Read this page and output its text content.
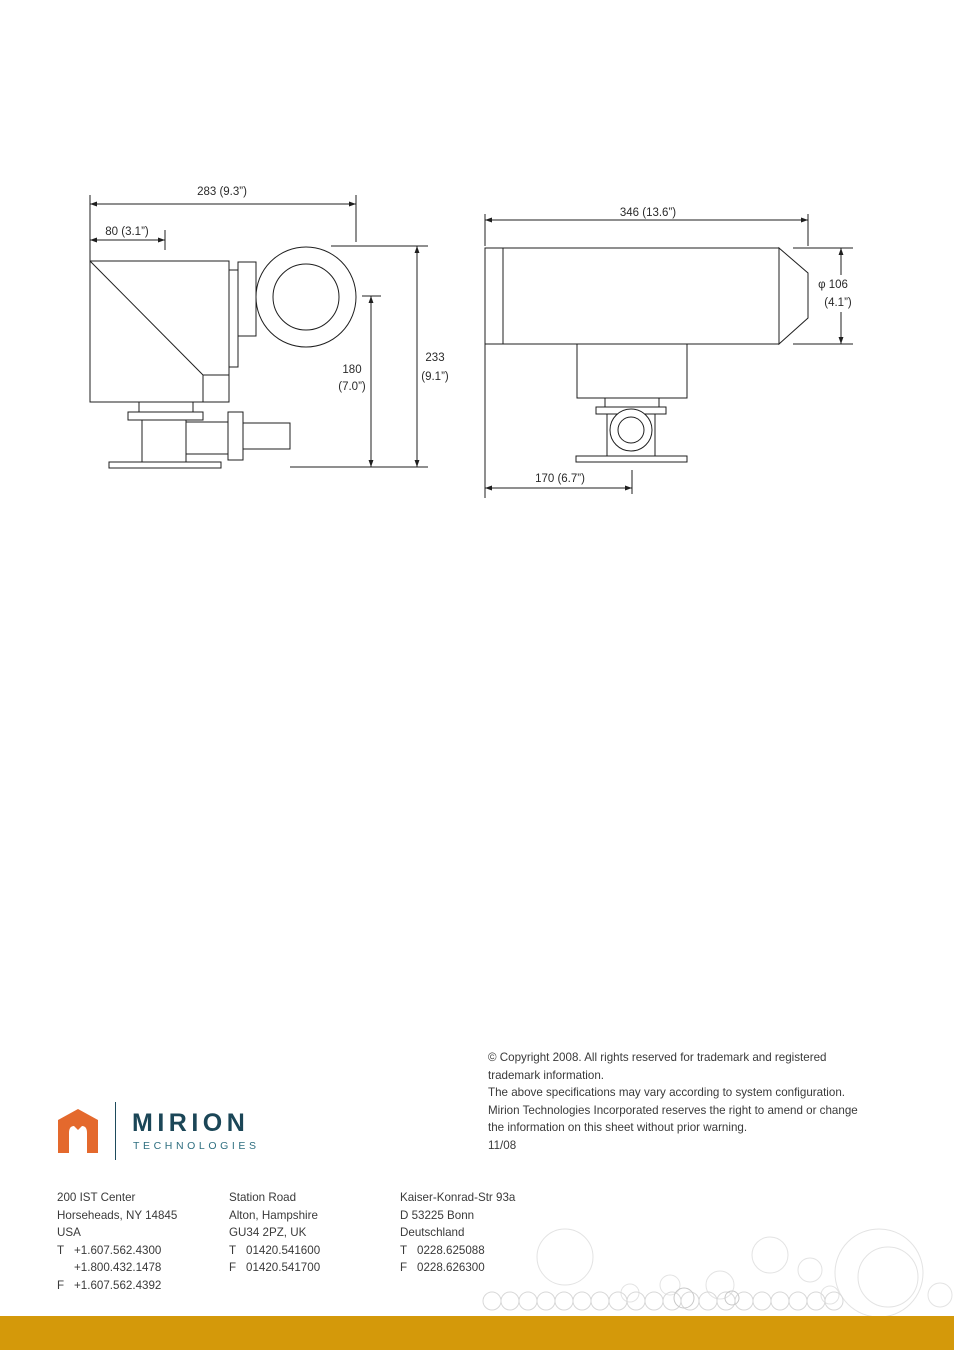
283 (9.3”)
80 (3.1”)
180
(7.0”)
233
(9.1”)
346 (13.6”)
φ 106
(4.1”)
170 (6.7”)
© Copyright 2008. All rights reserved for trademark and registered
trademark information.
The above specifications may vary according to system configuration.
Mirion Technologies Incorporated reserves the right to amend or change
the information on this sheet without prior warning.
11/08
MIRION
TECHNOLOGIES
200 IST Center
Horseheads, NY 14845
USA
T +1.607.562.4300
+1.800.432.1478
F +1.607.562.4392
Station Road
Alton, Hampshire
GU34 2PZ, UK
T 01420.541600
F 01420.541700
Kaiser-Konrad-Str 93a
D 53225 Bonn
Deutschland
T 0228.625088
F 0228.626300
